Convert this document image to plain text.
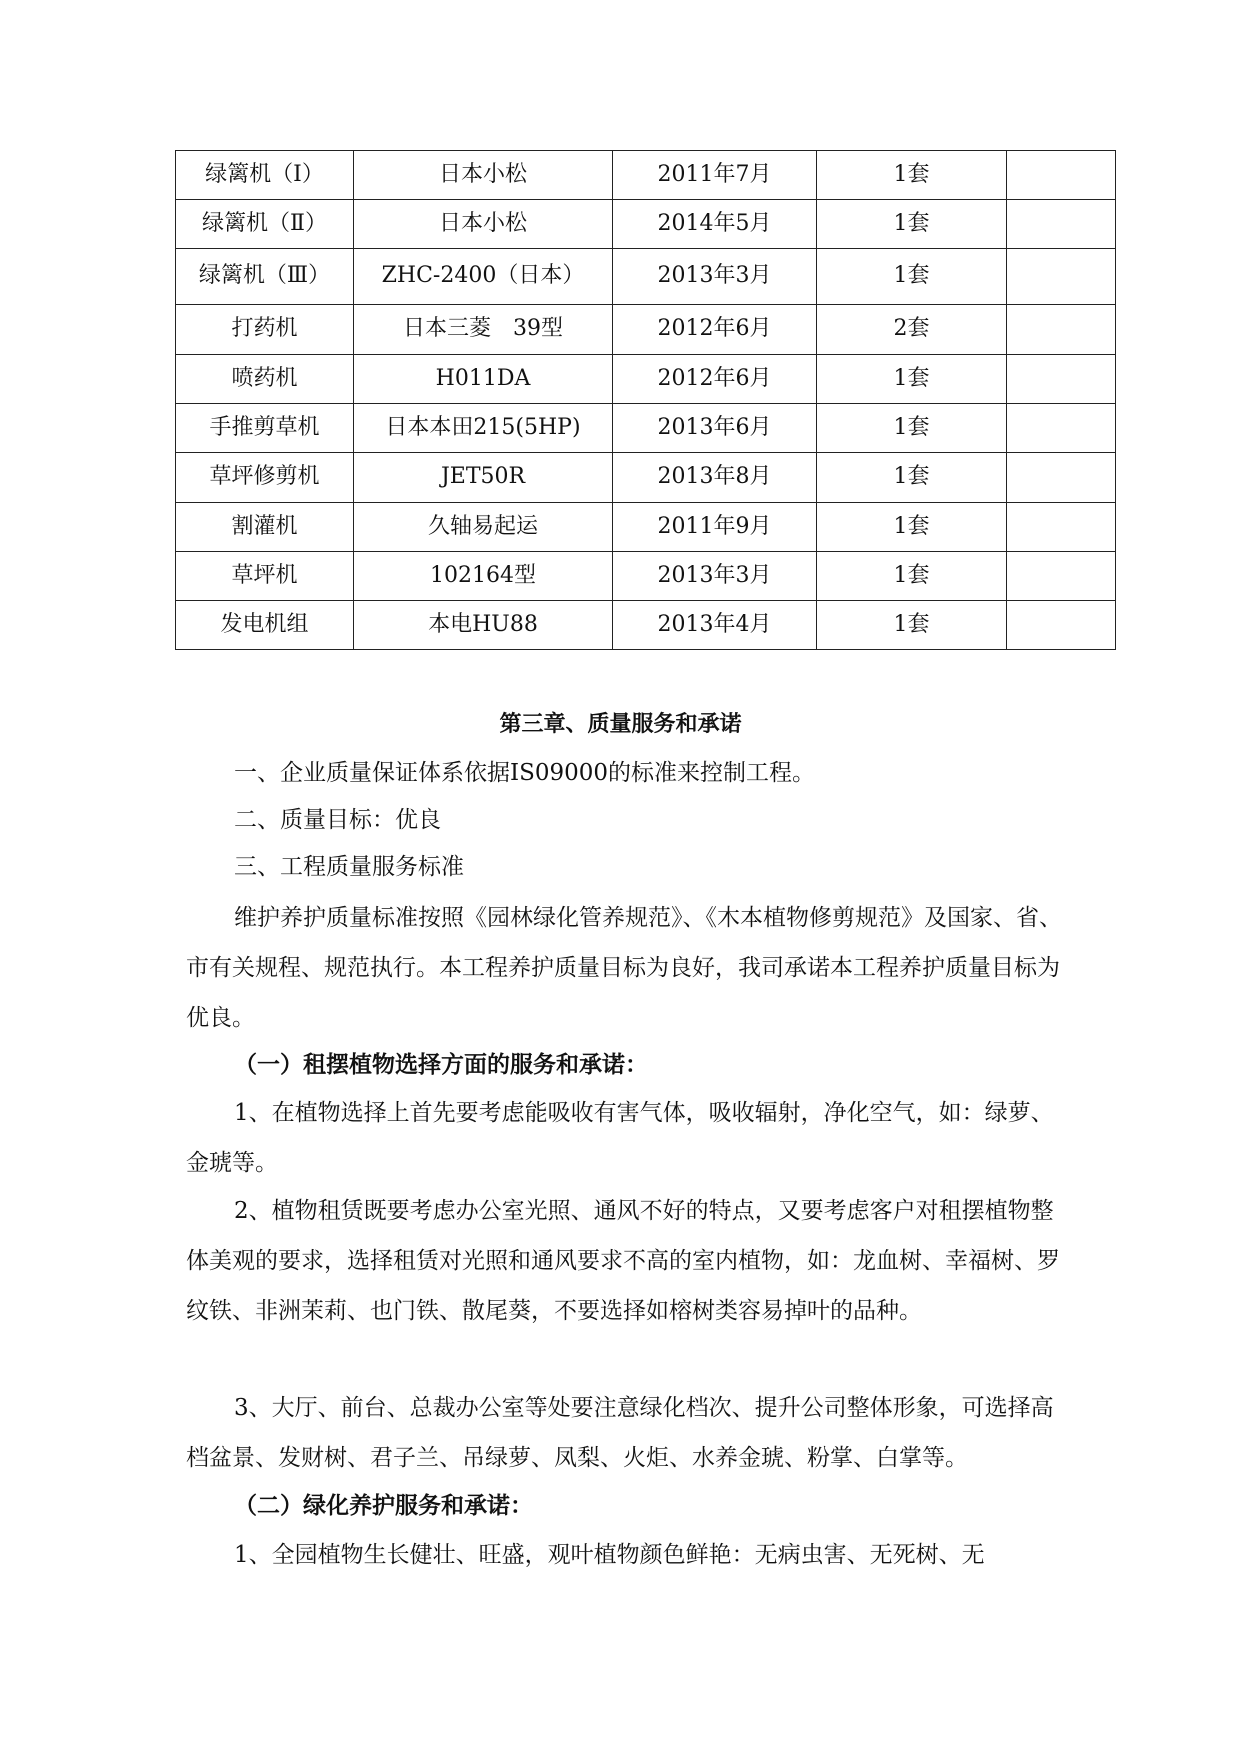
绿篱机（Ⅰ）	日本小松	2011年7月	1套	
绿篱机（Ⅱ）	日本小松	2014年5月	1套	
绿篱机（Ⅲ）	ZHC-2400（日本）	2013年3月	1套	
打药机	日本三菱　39型	2012年6月	2套	
喷药机	H011DA	2012年6月	1套	
手推剪草机	日本本田215(5HP)	2013年6月	1套	
草坪修剪机	JET50R	2013年8月	1套	
割灌机	久轴易起运	2011年9月	1套	
草坪机	102164型	2013年3月	1套	
发电机组	本电HU88	2013年4月	1套	
第三章、质量服务和承诺

一、企业质量保证体系依据IS09000的标准来控制工程。

二、质量目标：优良

三、工程质量服务标准

维护养护质量标准按照《园林绿化管养规范》、《木本植物修剪规范》及国家、省、市有关规程、规范执行。本工程养护质量目标为良好，我司承诺本工程养护质量目标为优良。

（一）租摆植物选择方面的服务和承诺：

1、在植物选择上首先要考虑能吸收有害气体，吸收辐射，净化空气，如：绿萝、金琥等。

2、植物租赁既要考虑办公室光照、通风不好的特点，又要考虑客户对租摆植物整体美观的要求，选择租赁对光照和通风要求不高的室内植物，如：龙血树、幸福树、罗纹铁、非洲茉莉、也门铁、散尾葵，不要选择如榕树类容易掉叶的品种。

3、大厅、前台、总裁办公室等处要注意绿化档次、提升公司整体形象，可选择高档盆景、发财树、君子兰、吊绿萝、凤梨、火炬、水养金琥、粉掌、白掌等。

（二）绿化养护服务和承诺：

1、全园植物生长健壮、旺盛，观叶植物颜色鲜艳：无病虫害、无死树、无
